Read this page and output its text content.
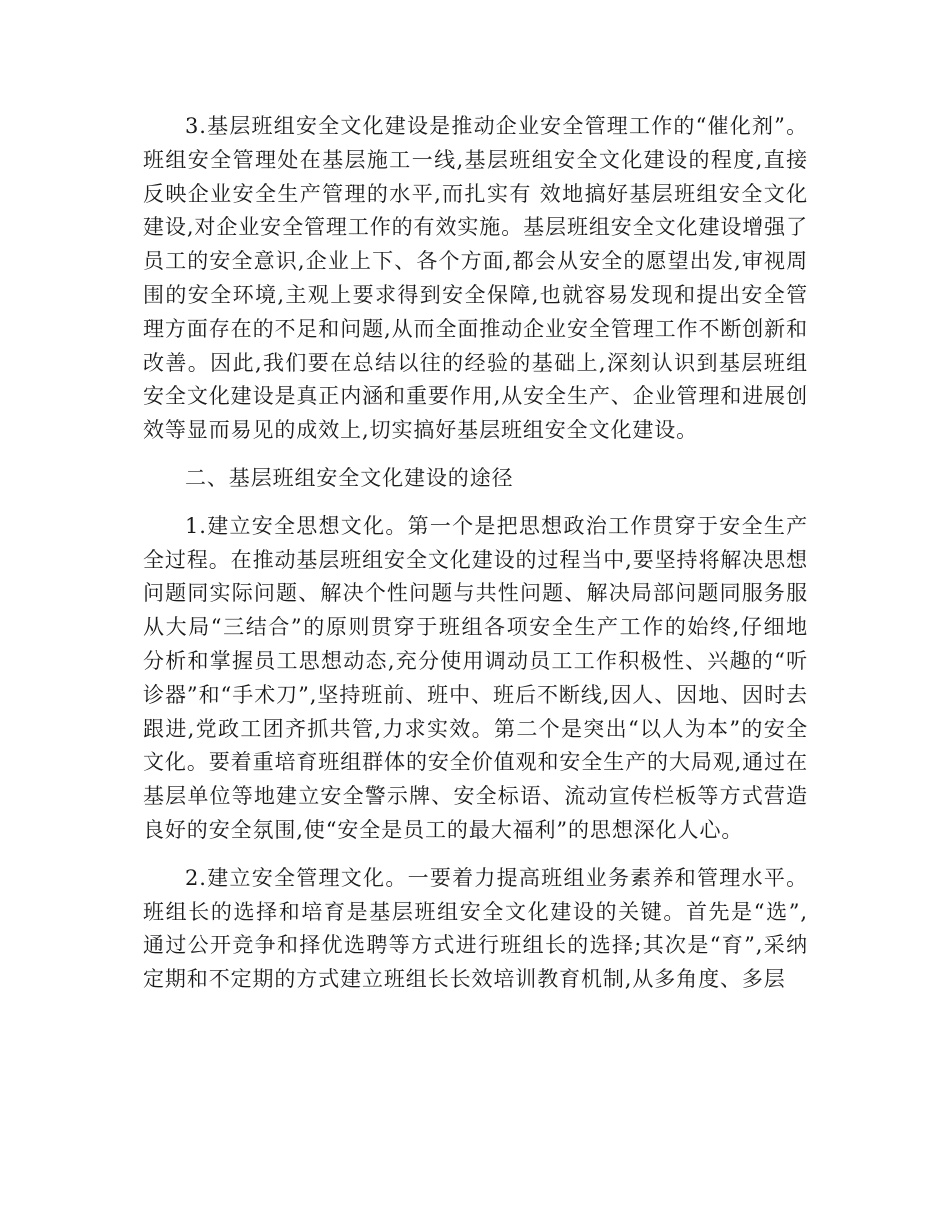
3.基层班组安全文化建设是推动企业安全管理工作的“催化剂”。班组安全管理处在基层施工一线,基层班组安全文化建设的程度,直接反映企业安全生产管理的水平,而扎实有 效地搞好基层班组安全文化建设,对企业安全管理工作的有效实施。基层班组安全文化建设增强了员工的安全意识,企业上下、各个方面,都会从安全的愿望出发,审视周围的安全环境,主观上要求得到安全保障,也就容易发现和提出安全管理方面存在的不足和问题,从而全面推动企业安全管理工作不断创新和改善。因此,我们要在总结以往的经验的基础上,深刻认识到基层班组安全文化建设是真正内涵和重要作用,从安全生产、企业管理和进展创效等显而易见的成效上,切实搞好基层班组安全文化建设。

二、基层班组安全文化建设的途径

1.建立安全思想文化。第一个是把思想政治工作贯穿于安全生产全过程。在推动基层班组安全文化建设的过程当中,要坚持将解决思想问题同实际问题、解决个性问题与共性问题、解决局部问题同服务服从大局“三结合”的原则贯穿于班组各项安全生产工作的始终,仔细地分析和掌握员工思想动态,充分使用调动员工工作积极性、兴趣的“听诊器”和“手术刀”,坚持班前、班中、班后不断线,因人、因地、因时去跟进,党政工团齐抓共管,力求实效。第二个是突出“以人为本”的安全文化。要着重培育班组群体的安全价值观和安全生产的大局观,通过在基层单位等地建立安全警示牌、安全标语、流动宣传栏板等方式营造良好的安全氛围,使“安全是员工的最大福利”的思想深化人心。

2.建立安全管理文化。一要着力提高班组业务素养和管理水平。班组长的选择和培育是基层班组安全文化建设的关键。首先是“选”,通过公开竞争和择优选聘等方式进行班组长的选择;其次是“育”,采纳定期和不定期的方式建立班组长长效培训教育机制,从多角度、多层
